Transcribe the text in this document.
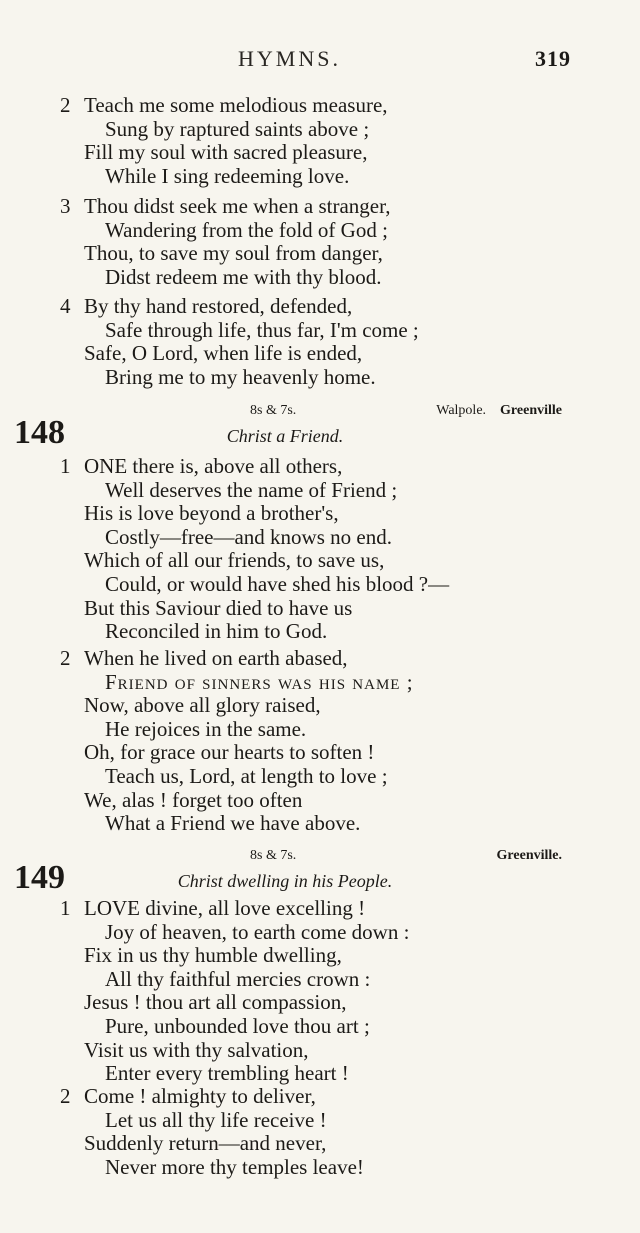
HYMNS.	319
2 Teach me some melodious measure,
Sung by raptured saints above ;
Fill my soul with sacred pleasure,
While I sing redeeming love.
3 Thou didst seek me when a stranger,
Wandering from the fold of God ;
Thou, to save my soul from danger,
Didst redeem me with thy blood.
4 By thy hand restored, defended,
Safe through life, thus far, I'm come ;
Safe, O Lord, when life is ended,
Bring me to my heavenly home.
148
8s & 7s.	Walpole. Greenville
Christ a Friend.
1 ONE there is, above all others,
Well deserves the name of Friend ;
His is love beyond a brother's,
Costly—free—and knows no end.
Which of all our friends, to save us,
Could, or would have shed his blood ?—
But this Saviour died to have us
Reconciled in him to God.
2 When he lived on earth abased,
Friend of sinners was his name ;
Now, above all glory raised,
He rejoices in the same.
Oh, for grace our hearts to soften !
Teach us, Lord, at length to love ;
We, alas ! forget too often
What a Friend we have above.
149
8s & 7s.	Greenville.
Christ dwelling in his People.
1 LOVE divine, all love excelling !
Joy of heaven, to earth come down :
Fix in us thy humble dwelling,
All thy faithful mercies crown :
Jesus ! thou art all compassion,
Pure, unbounded love thou art ;
Visit us with thy salvation,
Enter every trembling heart !
2 Come ! almighty to deliver,
Let us all thy life receive !
Suddenly return—and never,
Never more thy temples leave!
